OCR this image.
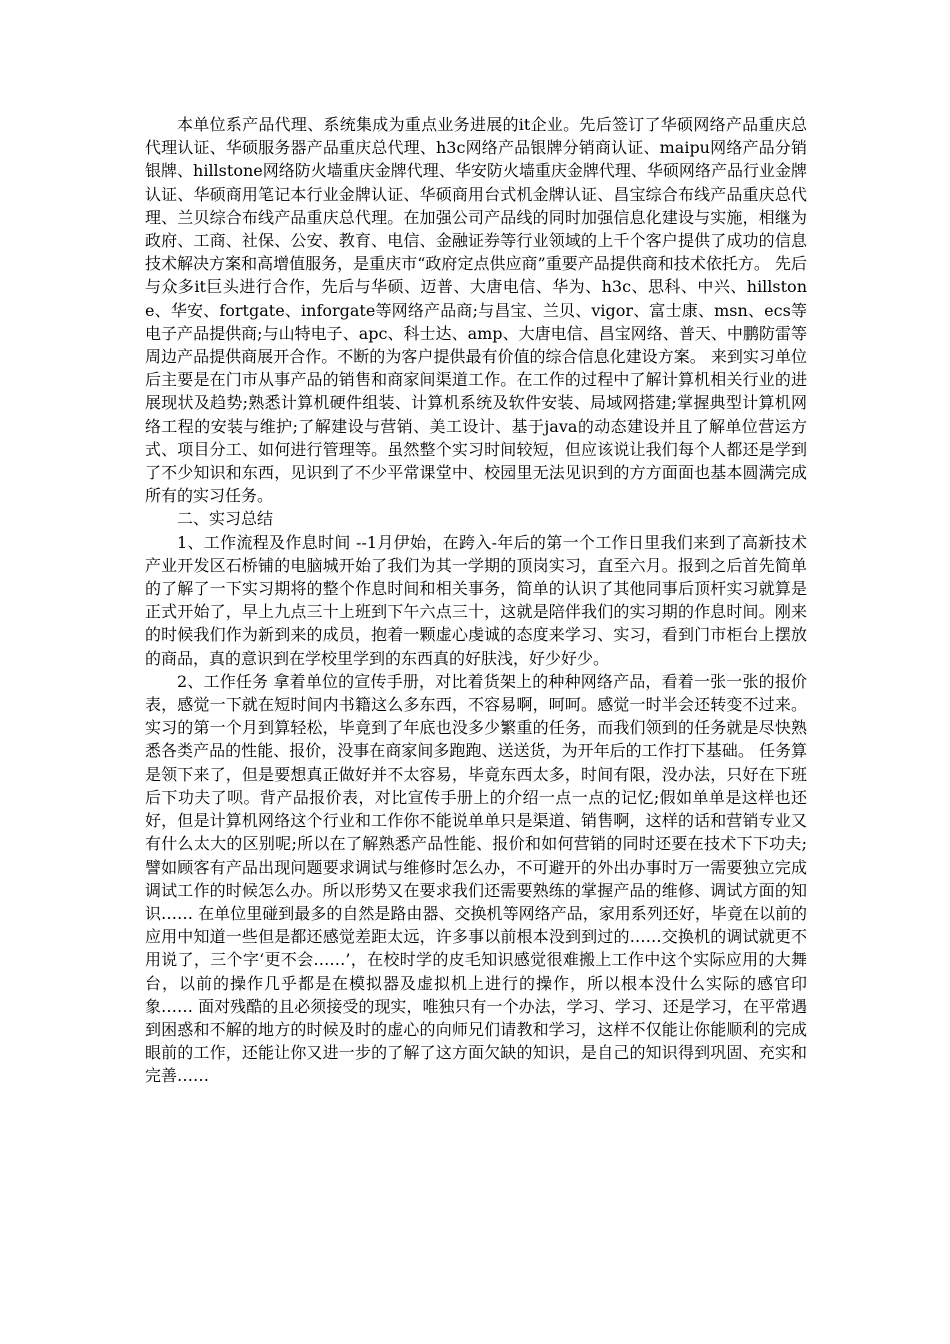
本单位系产品代理、系统集成为重点业务进展的it企业。先后签订了华硕网络产品重庆总代理认证、华硕服务器产品重庆总代理、h3c网络产品银牌分销商认证、maipu网络产品分销银牌、hillstone网络防火墙重庆金牌代理、华安防火墙重庆金牌代理、华硕网络产品行业金牌认证、华硕商用笔记本行业金牌认证、华硕商用台式机金牌认证、昌宝综合布线产品重庆总代理、兰贝综合布线产品重庆总代理。在加强公司产品线的同时加强信息化建设与实施，相继为政府、工商、社保、公安、教育、电信、金融证券等行业领域的上千个客户提供了成功的信息技术解决方案和高增值服务，是重庆市“政府定点供应商”重要产品提供商和技术依托方。 先后与众多it巨头进行合作，先后与华硕、迈普、大唐电信、华为、h3c、思科、中兴、hillstone、华安、fortgate、inforgate等网络产品商;与昌宝、兰贝、vigor、富士康、msn、ecs等电子产品提供商;与山特电子、apc、科士达、amp、大唐电信、昌宝网络、普天、中鹏防雷等周边产品提供商展开合作。不断的为客户提供最有价值的综合信息化建设方案。 来到实习单位后主要是在门市从事产品的销售和商家间渠道工作。在工作的过程中了解计算机相关行业的进展现状及趋势;熟悉计算机硬件组装、计算机系统及软件安装、局域网搭建;掌握典型计算机网络工程的安装与维护;了解建设与营销、美工设计、基于java的动态建设并且了解单位营运方式、项目分工、如何进行管理等。虽然整个实习时间较短，但应该说让我们每个人都还是学到了不少知识和东西，见识到了不少平常课堂中、校园里无法见识到的方方面面也基本圆满完成所有的实习任务。

二、实习总结

1、工作流程及作息时间 --1月伊始，在跨入-年后的第一个工作日里我们来到了高新技术产业开发区石桥铺的电脑城开始了我们为其一学期的顶岗实习，直至六月。报到之后首先简单的了解了一下实习期将的整个作息时间和相关事务，简单的认识了其他同事后顶杆实习就算是正式开始了，早上九点三十上班到下午六点三十，这就是陪伴我们的实习期的作息时间。刚来的时候我们作为新到来的成员，抱着一颗虚心虔诚的态度来学习、实习，看到门市柜台上摆放的商品，真的意识到在学校里学到的东西真的好肤浅，好少好少。

2、工作任务 拿着单位的宣传手册，对比着货架上的种种网络产品，看着一张一张的报价表，感觉一下就在短时间内书籍这么多东西，不容易啊，呵呵。感觉一时半会还转变不过来。 实习的第一个月到算轻松，毕竟到了年底也没多少繁重的任务，而我们领到的任务就是尽快熟悉各类产品的性能、报价，没事在商家间多跑跑、送送货，为开年后的工作打下基础。 任务算是领下来了，但是要想真正做好并不太容易，毕竟东西太多，时间有限，没办法，只好在下班后下功夫了呗。背产品报价表，对比宣传手册上的介绍一点一点的记忆;假如单单是这样也还好，但是计算机网络这个行业和工作你不能说单单只是渠道、销售啊，这样的话和营销专业又有什么太大的区别呢;所以在了解熟悉产品性能、报价和如何营销的同时还要在技术下下功夫;譬如顾客有产品出现问题要求调试与维修时怎么办，不可避开的外出办事时万一需要独立完成调试工作的时候怎么办。所以形势又在要求我们还需要熟练的掌握产品的维修、调试方面的知识…… 在单位里碰到最多的自然是路由器、交换机等网络产品，家用系列还好，毕竟在以前的应用中知道一些但是都还感觉差距太远，许多事以前根本没到到过的……交换机的调试就更不用说了，三个字‘更不会……’，在校时学的皮毛知识感觉很难搬上工作中这个实际应用的大舞台，以前的操作几乎都是在模拟器及虚拟机上进行的操作，所以根本没什么实际的感官印象…… 面对残酷的且必须接受的现实，唯独只有一个办法，学习、学习、还是学习，在平常遇到困惑和不解的地方的时候及时的虚心的向师兄们请教和学习，这样不仅能让你能顺利的完成眼前的工作，还能让你又进一步的了解了这方面欠缺的知识，是自己的知识得到巩固、充实和完善……
